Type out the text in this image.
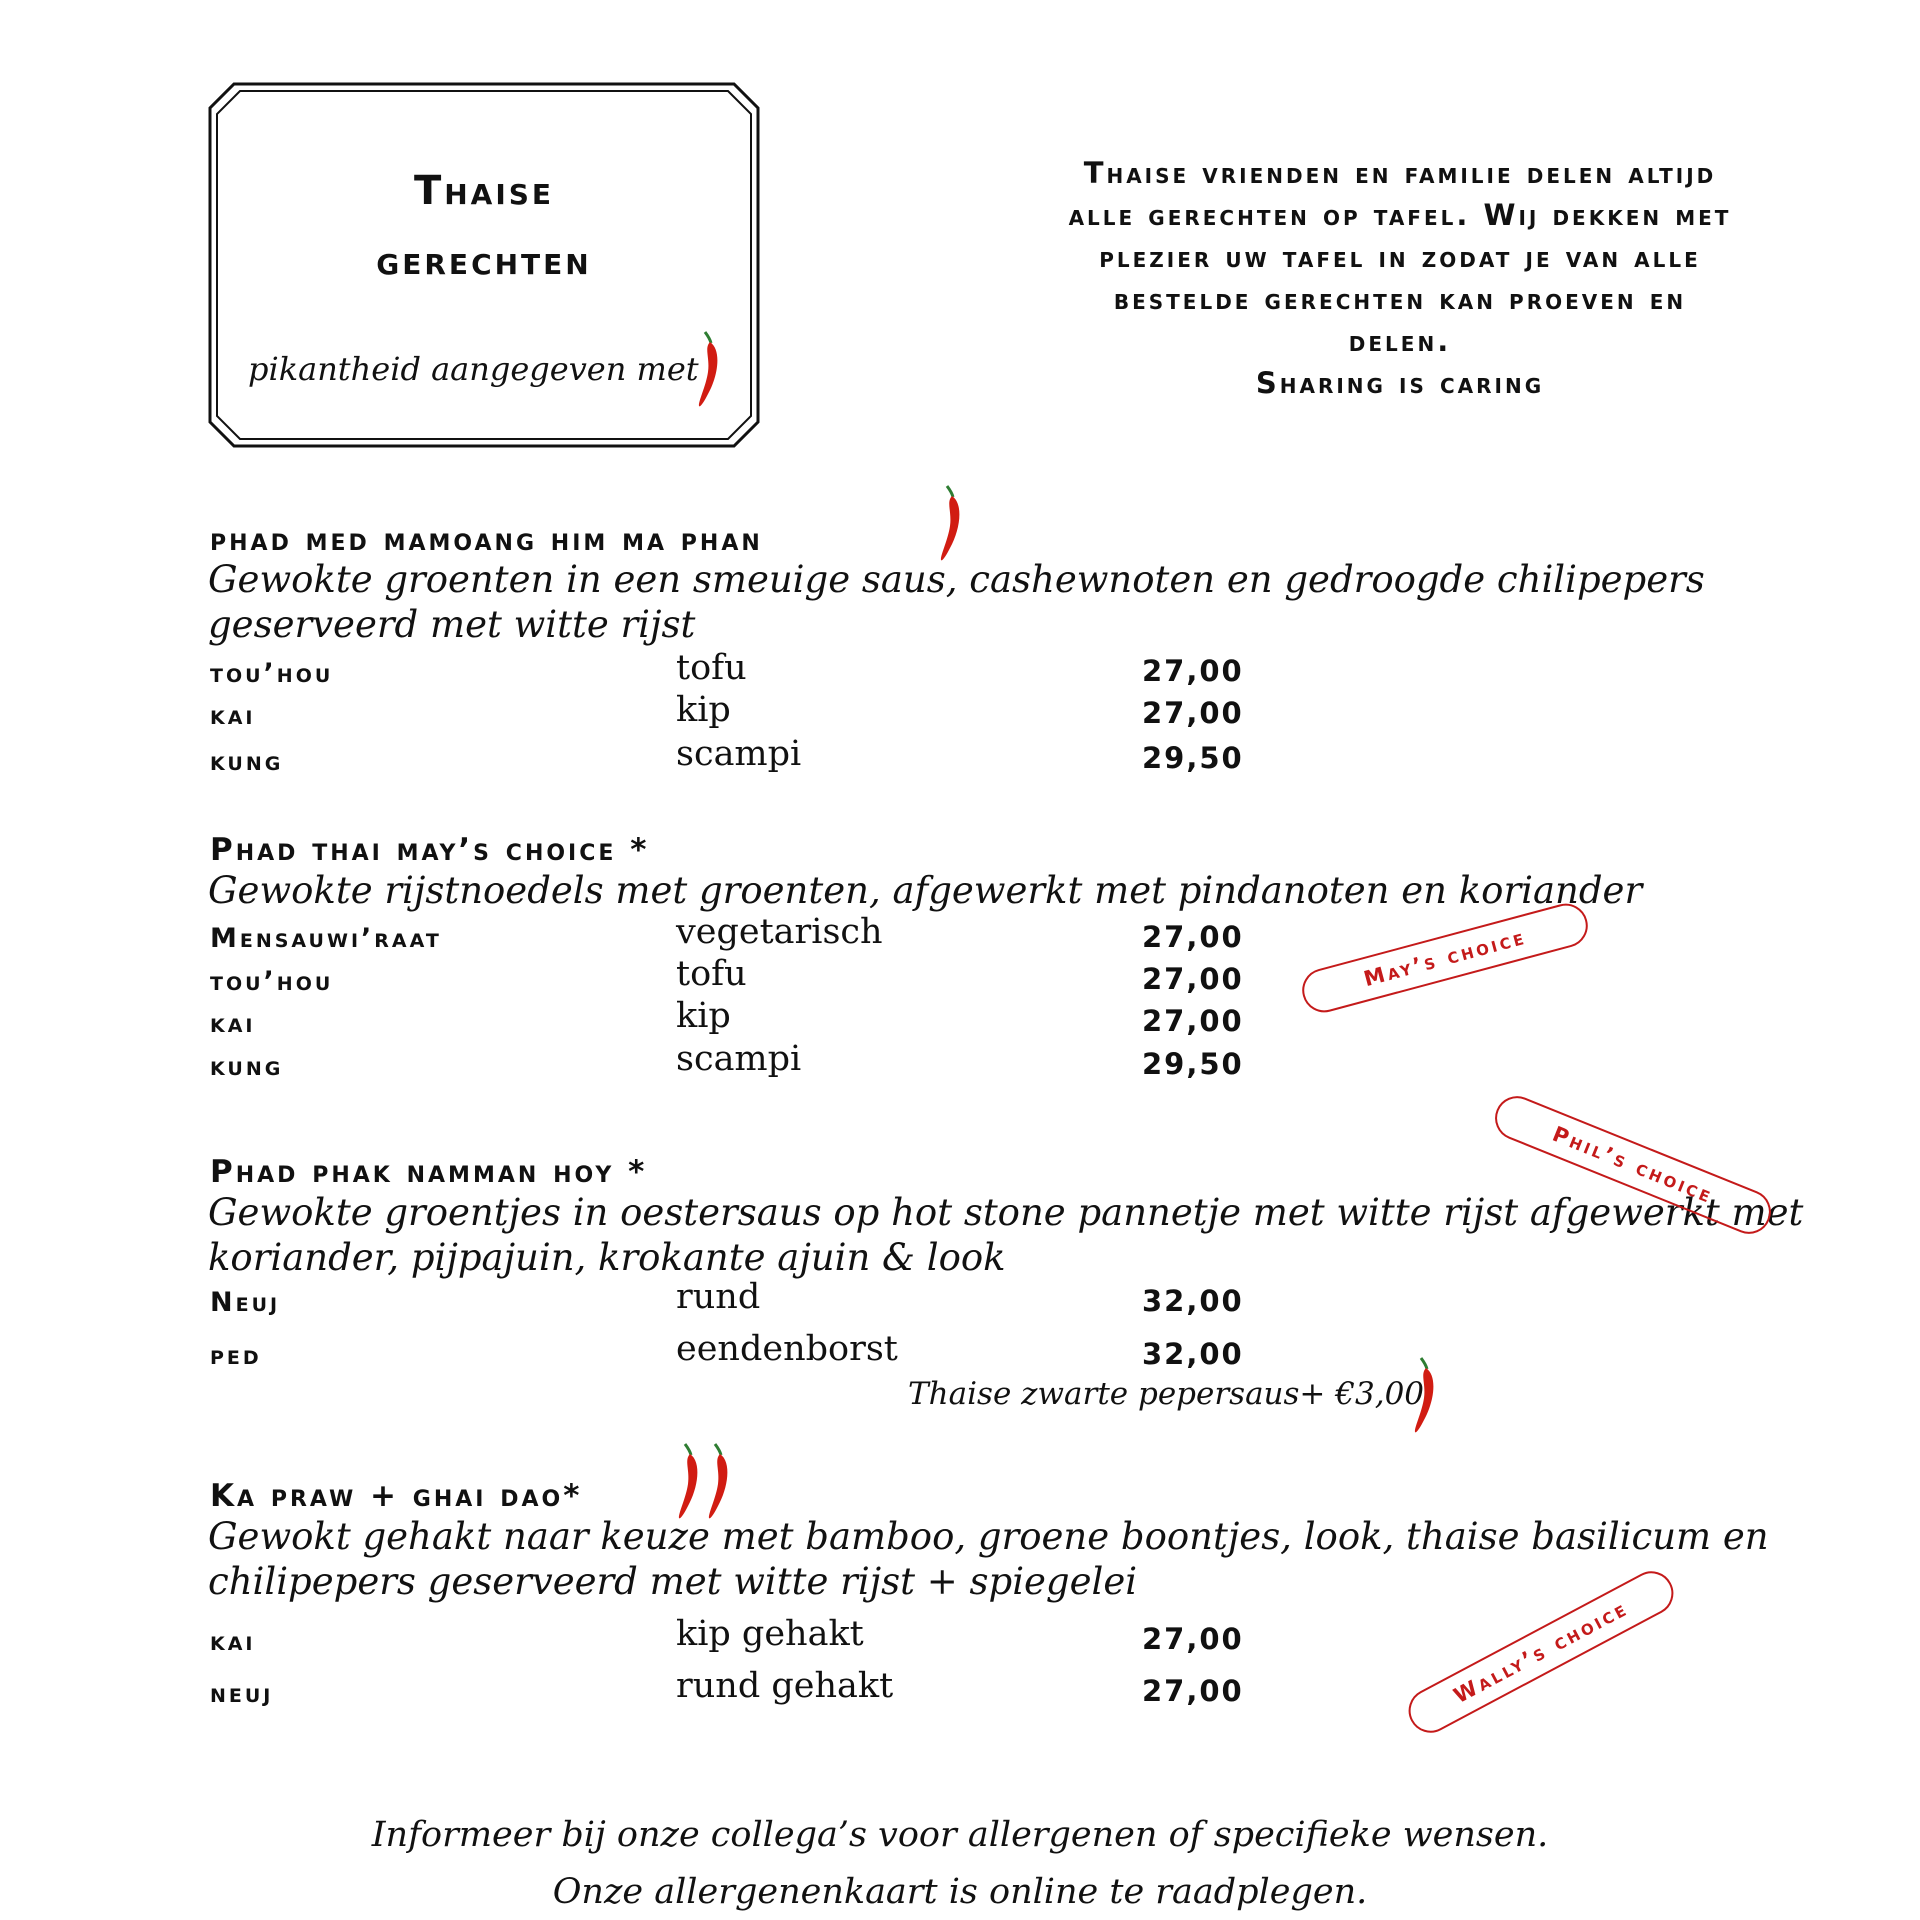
Thaise
gerechten
pikantheid aangegeven met
Thaise vrienden en familie delen altijd
alle gerechten op tafel. Wij dekken met
plezier uw tafel in zodat je van alle
bestelde gerechten kan proeven en
delen.
Sharing is caring
phad med mamoang him ma phan
Gewokte groenten in een smeuige saus, cashewnoten en gedroogde chilipepers geserveerd met witte rijst
tou’hou	tofu	27,00
kai	kip	27,00
kung	scampi	29,50
Phad thai may’s choice *
Gewokte rijstnoedels met groenten, afgewerkt met pindanoten en koriander
Mensauwi’raat	vegetarisch	27,00
tou’hou	tofu	27,00
kai	kip	27,00
kung	scampi	29,50
Phad phak namman hoy *
Gewokte groentjes in oestersaus op hot stone pannetje met witte rijst afgewerkt met koriander, pijpajuin, krokante ajuin & look
Neuj	rund	32,00
ped	eendenborst	32,00
Thaise zwarte pepersaus+ €3,00
Ka praw + ghai dao*
Gewokt gehakt naar keuze met bamboo, groene boontjes, look, thaise basilicum en chilipepers geserveerd met witte rijst + spiegelei
kai	kip gehakt	27,00
neuj	rund gehakt	27,00
May’s choice
Phil’s choice
Wally’s choice
Informeer bij onze collega’s voor allergenen of specifieke wensen.
Onze allergenenkaart is online te raadplegen.
